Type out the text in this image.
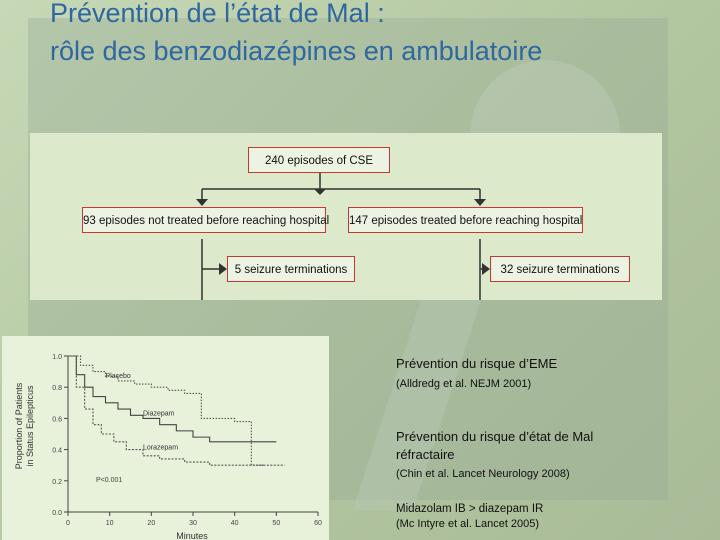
Prévention de l’état de Mal :
rôle des benzodiazépines en ambulatoire
240 episodes of CSE
93 episodes not treated before reaching hospital 147 episodes treated before reaching hospital
5 seizure terminations	32 seizure terminations
Proportion of Patients in Status Epilepticus
Minutes
P<0.001
0.0
0.2
0.4
0.6
0.8
1.0
0	10	20	30	40	50	60
Placebo
Diazepam
Lorazepam
Prévention du risque d’EME
(Alldredg et al. NEJM 2001)
Prévention du risque d’état de Mal
réfractaire
(Chin et al. Lancet Neurology 2008)
Midazolam IB > diazepam IR
(Mc Intyre et al. Lancet 2005)
